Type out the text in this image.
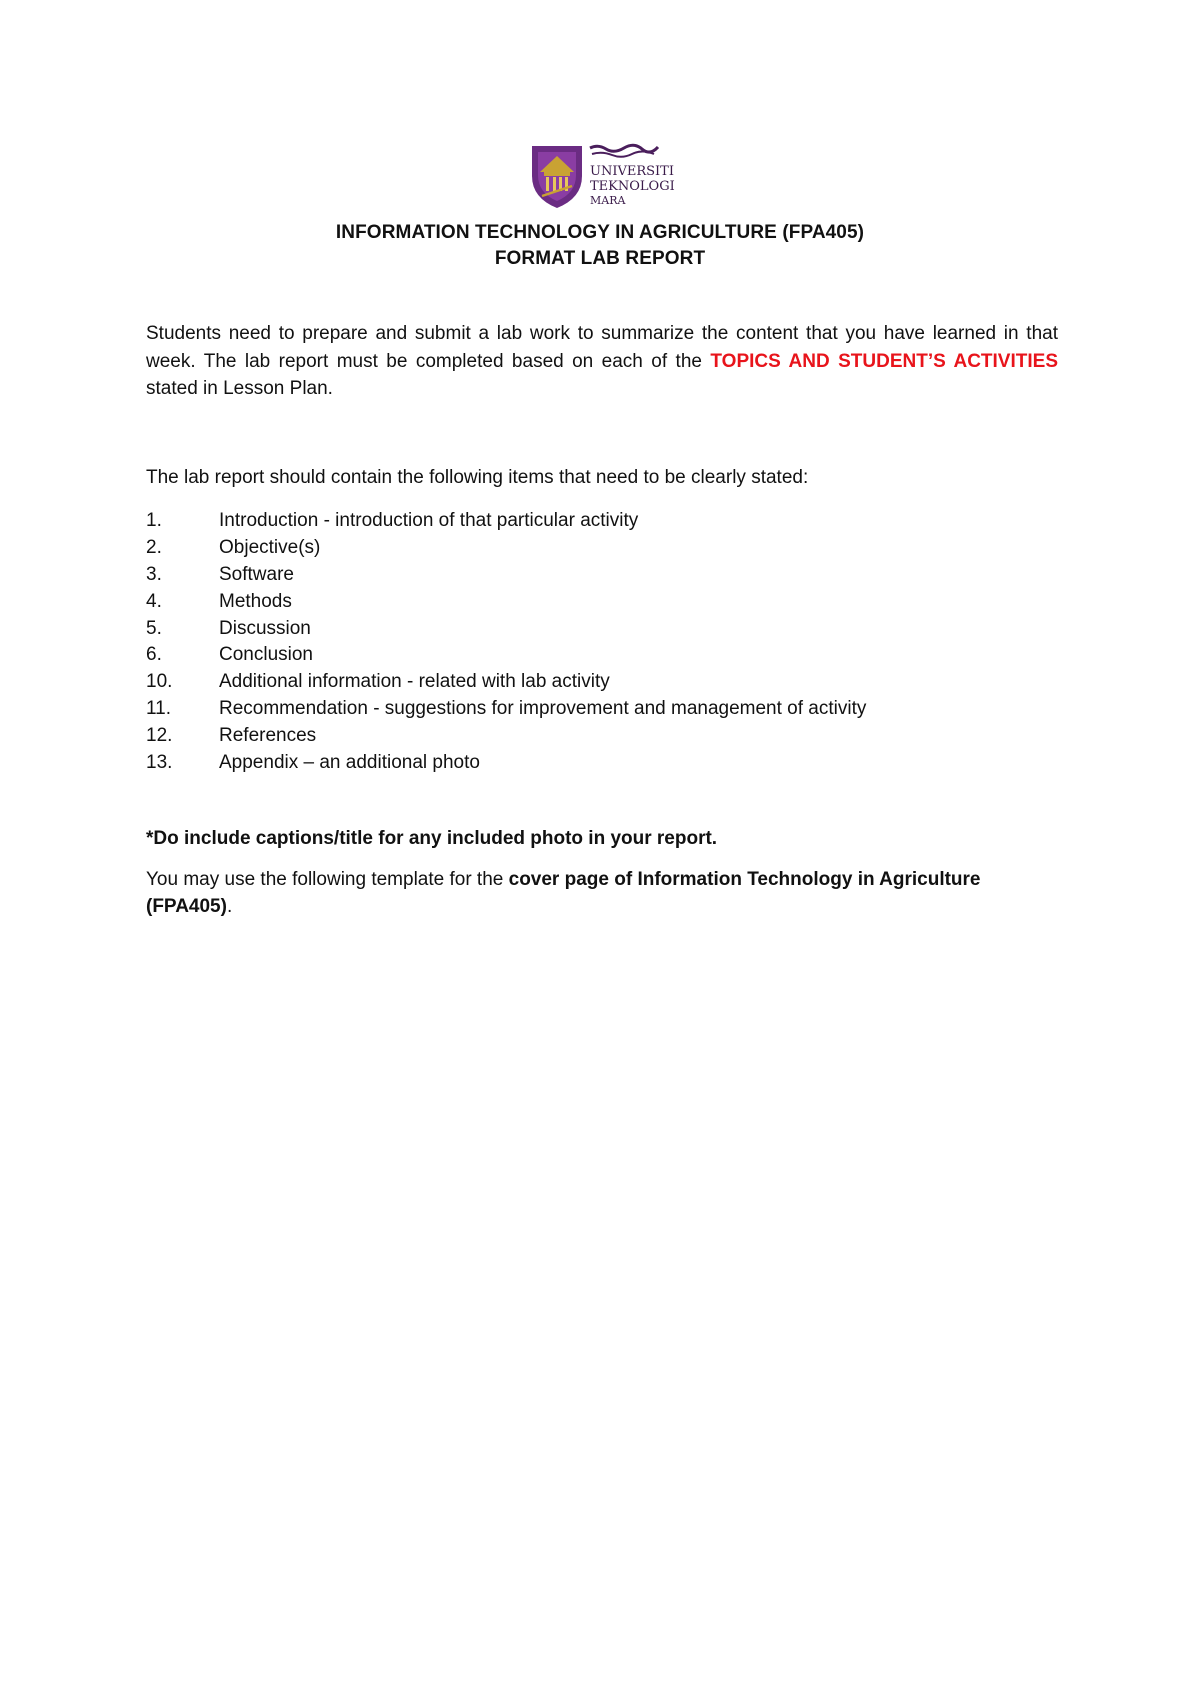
UNIVERSITI
TEKNOLOGI
MARA
INFORMATION TECHNOLOGY IN AGRICULTURE (FPA405)
FORMAT LAB REPORT
Students need to prepare and submit a lab work to summarize the content that you have learned in that week. The lab report must be completed based on each of the TOPICS AND STUDENT’S ACTIVITIES stated in Lesson Plan.
The lab report should contain the following items that need to be clearly stated:
1.	Introduction - introduction of that particular activity
2.	Objective(s)
3.	Software
4.	Methods
5.	Discussion
6.	Conclusion
10. Additional information - related with lab activity
11.	Recommendation - suggestions for improvement and management of activity
12. References
13. Appendix – an additional photo
*Do include captions/title for any included photo in your report.
You may use the following template for the cover page of Information Technology in Agriculture (FPA405).
